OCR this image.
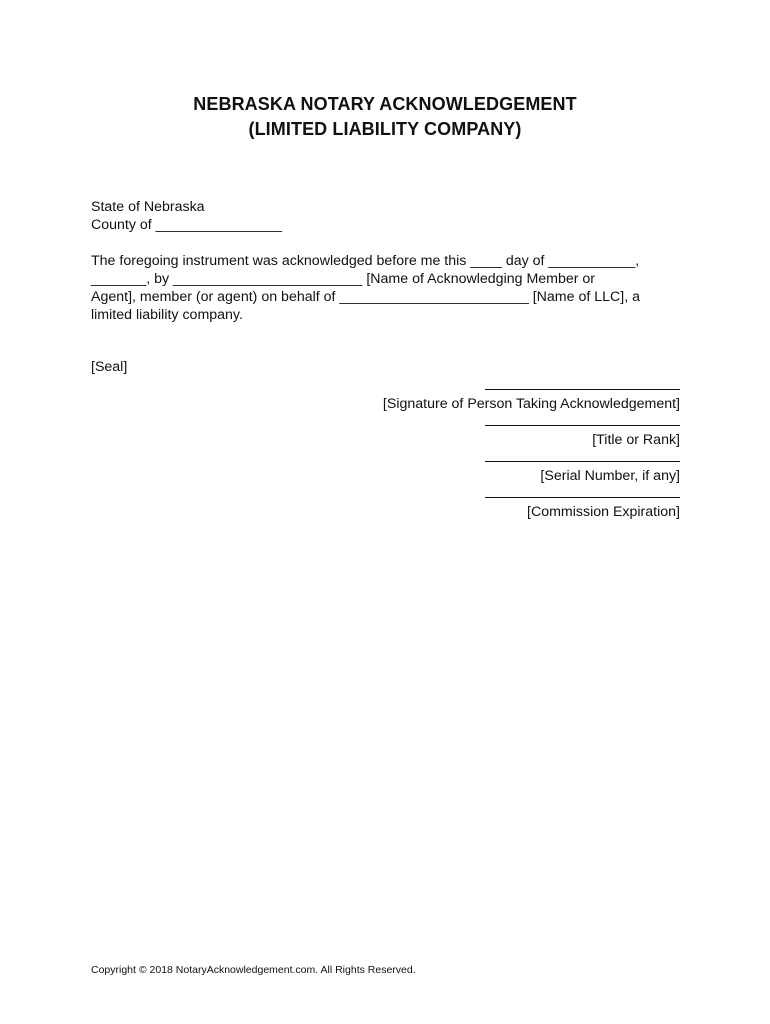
NEBRASKA NOTARY ACKNOWLEDGEMENT
(LIMITED LIABILITY COMPANY)
State of Nebraska
County of ________________
The foregoing instrument was acknowledged before me this ____ day of ___________,
_______, by ________________________ [Name of Acknowledging Member or
Agent], member (or agent) on behalf of ________________________ [Name of LLC], a
limited liability company.
[Seal]
[Signature of Person Taking Acknowledgement]
[Title or Rank]
[Serial Number, if any]
[Commission Expiration]
Copyright © 2018 NotaryAcknowledgement.com. All Rights Reserved.
